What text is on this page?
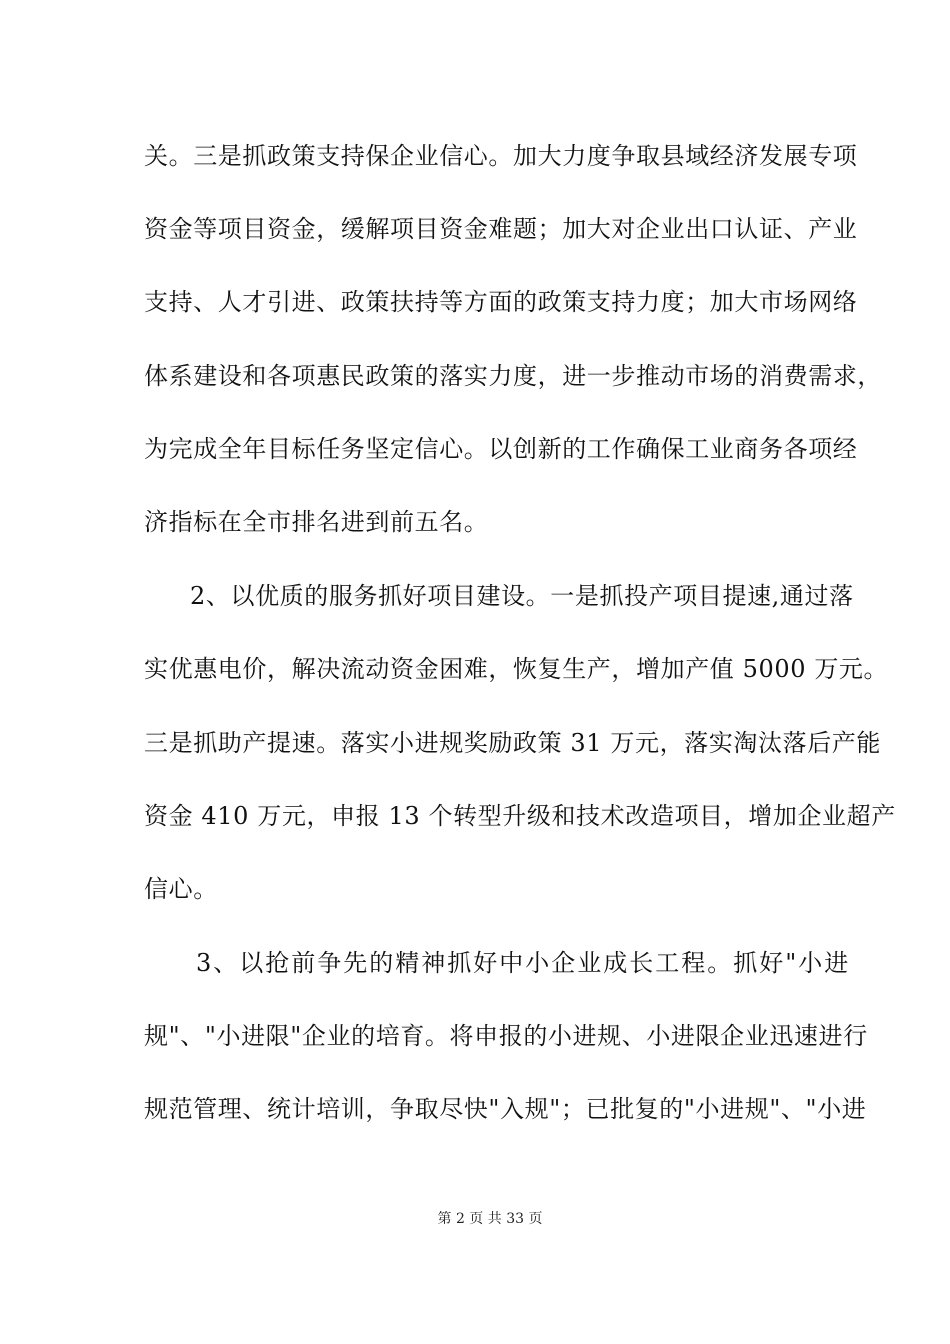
关。三是抓政策支持保企业信心。加大力度争取县域经济发展专项
资金等项目资金，缓解项目资金难题；加大对企业出口认证、产业
支持、人才引进、政策扶持等方面的政策支持力度；加大市场网络
体系建设和各项惠民政策的落实力度，进一步推动市场的消费需求，
为完成全年目标任务坚定信心。以创新的工作确保工业商务各项经
济指标在全市排名进到前五名。
2、以优质的服务抓好项目建设。一是抓投产项目提速,通过落
实优惠电价，解决流动资金困难，恢复生产，增加产值 5000 万元。
三是抓助产提速。落实小进规奖励政策 31 万元，落实淘汰落后产能
资金 410 万元，申报 13 个转型升级和技术改造项目，增加企业超产
信心。
3、以抢前争先的精神抓好中小企业成长工程。抓好"小进
规"、"小进限"企业的培育。将申报的小进规、小进限企业迅速进行
规范管理、统计培训，争取尽快"入规"；已批复的"小进规"、"小进
第 2 页 共 33 页
